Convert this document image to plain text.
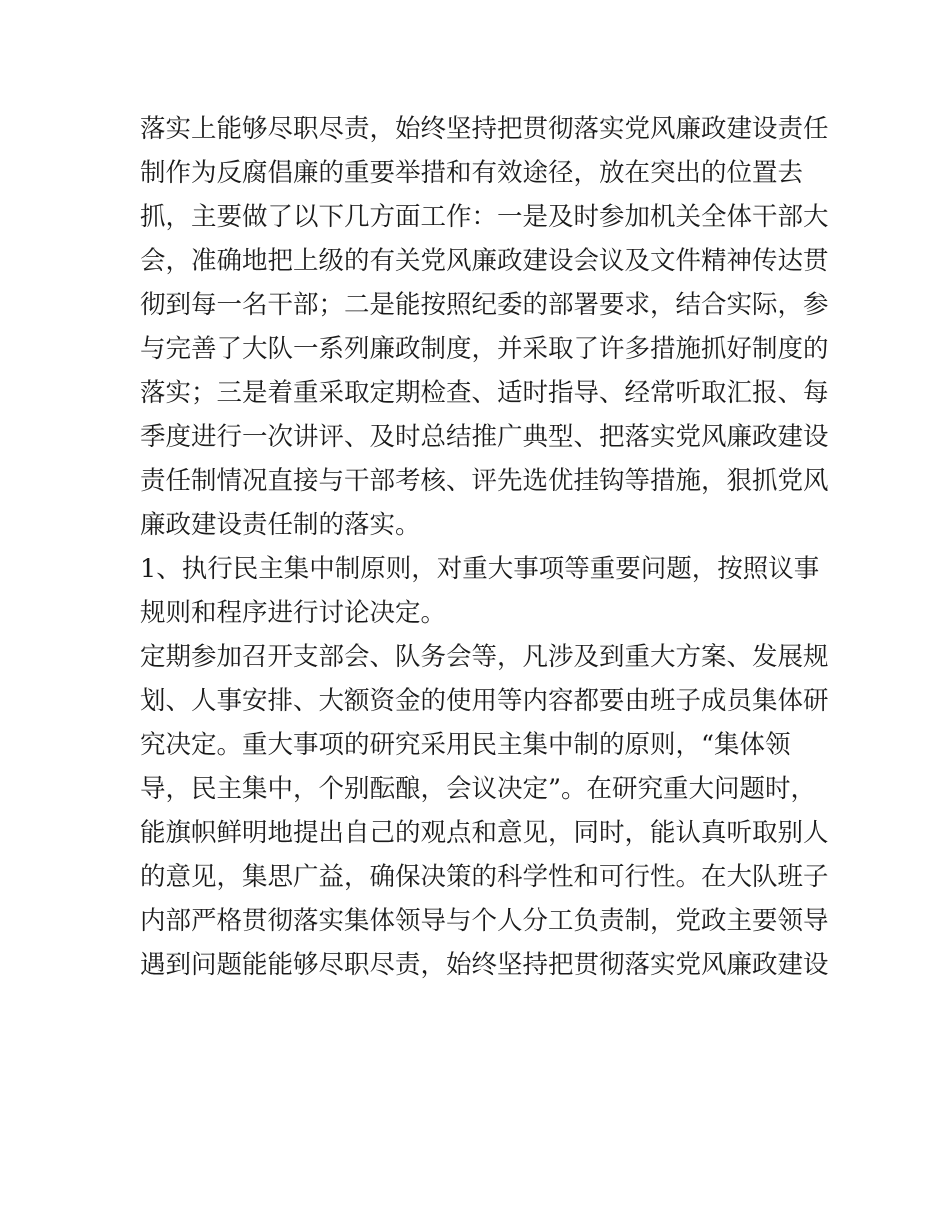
落实上能够尽职尽责，始终坚持把贯彻落实党风廉政建设责任
制作为反腐倡廉的重要举措和有效途径，放在突出的位置去
抓，主要做了以下几方面工作：一是及时参加机关全体干部大
会，准确地把上级的有关党风廉政建设会议及文件精神传达贯
彻到每一名干部；二是能按照纪委的部署要求，结合实际，参
与完善了大队一系列廉政制度，并采取了许多措施抓好制度的
落实；三是着重采取定期检查、适时指导、经常听取汇报、每
季度进行一次讲评、及时总结推广典型、把落实党风廉政建设
责任制情况直接与干部考核、评先选优挂钩等措施，狠抓党风
廉政建设责任制的落实。
1、执行民主集中制原则，对重大事项等重要问题，按照议事
规则和程序进行讨论决定。
定期参加召开支部会、队务会等，凡涉及到重大方案、发展规
划、人事安排、大额资金的使用等内容都要由班子成员集体研
究决定。重大事项的研究采用民主集中制的原则，“集体领
导，民主集中，个别酝酿，会议决定”。在研究重大问题时，
能旗帜鲜明地提出自己的观点和意见，同时，能认真听取别人
的意见，集思广益，确保决策的科学性和可行性。在大队班子
内部严格贯彻落实集体领导与个人分工负责制，党政主要领导
遇到问题能能够尽职尽责，始终坚持把贯彻落实党风廉政建设
